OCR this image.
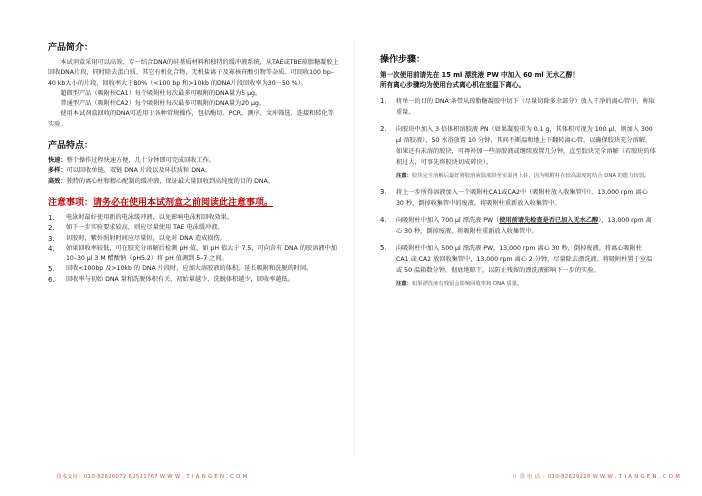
产品简介：

本试剂盒采用可以高效、专一结合DNA的硅基质材料和独特的缓冲液系统，从TAE或TBE琼脂糖凝胶上回收DNA片段，同时除去蛋白质、其它有机化合物、无机盐离子及寡核苷酸引物等杂质。可回收100 bp–40 kb大小的片段，回收率大于80%（<100 bp 和>10kb 的DNA片段回收率为30－50 %）。

超微型产品（吸附柱CA1）每个吸附柱每次最多可吸附的DNA量为5 μg。

普通型产品（吸附柱CA2）每个吸附柱每次最多可吸附的DNA量为20 μg。

使用本试剂盒回收的DNA可适用于各种常规操作，包括酶切、PCR、测序、文库筛选、连接和转化等实验。

产品特点：

快速：整个操作过程快速方便，几十分钟即可完成回收工作。

多样：可以回收单链、双链 DNA 片段以及环状质粒 DNA。

高效：独特的离心柱和精心配制的缓冲液，保证最大量回收到高纯度的目的 DNA。

注意事项：请务必在使用本试剂盒之前阅读此注意事项。
1.	电泳时最好使用新的电泳缓冲液，以免影响电泳和回收效果。
2.	如下一步实验要求较高，则应尽量使用 TAE 电泳缓冲液。
3.	切胶时，紫外照射时间应尽量短，以免对 DNA 造成损伤。
4.	如果回收率较低，可在胶充分溶解后检测 pH 值，如 pH 值大于 7.5，可向含有 DNA 的胶溶液中加 10–30 μl 3 M 醋酸钠（pH5.2）将 pH 值调到 5–7 之间。
5.	回收<100bp 及>10kb 的 DNA 片段时，应加大溶胶液的体积，延长吸附和洗脱的时间。
6.	回收率与初始 DNA 量和洗脱体积有关，初始量越少、洗脱体积越少，回收率越低。
操作步骤：
第一次使用前请先在 15 ml 漂洗液 PW 中加入 60 ml 无水乙醇！
所有离心步骤均为使用台式离心机在室温下离心。
1.	将单一的目的 DNA 条带从琼脂糖凝胶中切下（尽量切除多余部分）放入干净的离心管中，称取重量。
2.	向胶块中加入 3 倍体积溶胶液 PN（如果凝胶重为 0.1 g，其体积可视为 100 μl，则加入 300 μl 溶胶液），50 水浴放置 10 分钟，其间不断温和地上下翻转离心管，以确保胶块充分溶解。如果还有未溶的胶块，可再补加一些溶胶液或继续放置几分钟，直至胶块完全溶解（若胶块的体积过大，可事先将胶块切成碎块）。
注意：胶块完全溶解后最好将胶溶液温度降至室温再上柱，因为吸附柱在较高温度时结合 DNA 的能力较弱。
3.	将上一步所得溶液加入一个吸附柱CA1或CA2中（吸附柱放入收集管中），13,000 rpm 离心 30 秒，倒掉收集管中的废液，将吸附柱重新放入收集管中。
4.	向吸附柱中加入 700 μl 漂洗液 PW（使用前请先检查是否已加入无水乙醇），13,000 rpm 离心 30 秒，倒掉废液，将吸附柱重新放入收集管中。
5.	向吸附柱中加入 500 μl 漂洗液 PW，13,000 rpm 离心 30 秒，倒掉废液。将离心吸附柱 CA1 或 CA2 放回收集管中，13,000 rpm 离心 2 分钟，尽量除去漂洗液。将吸附柱置于室温或 50 温箱数分钟，彻底地晾干，以防止残留的漂洗液影响下一步的实验。
注意：如果漂洗液有残留会影响回收率和 DNA 质量。
技术支持：010-82826072 62521767 W W W . T I A N G E N . C O M	订 货 电 话 ：010-82829228 W W W . T I A N G E N . C O M
